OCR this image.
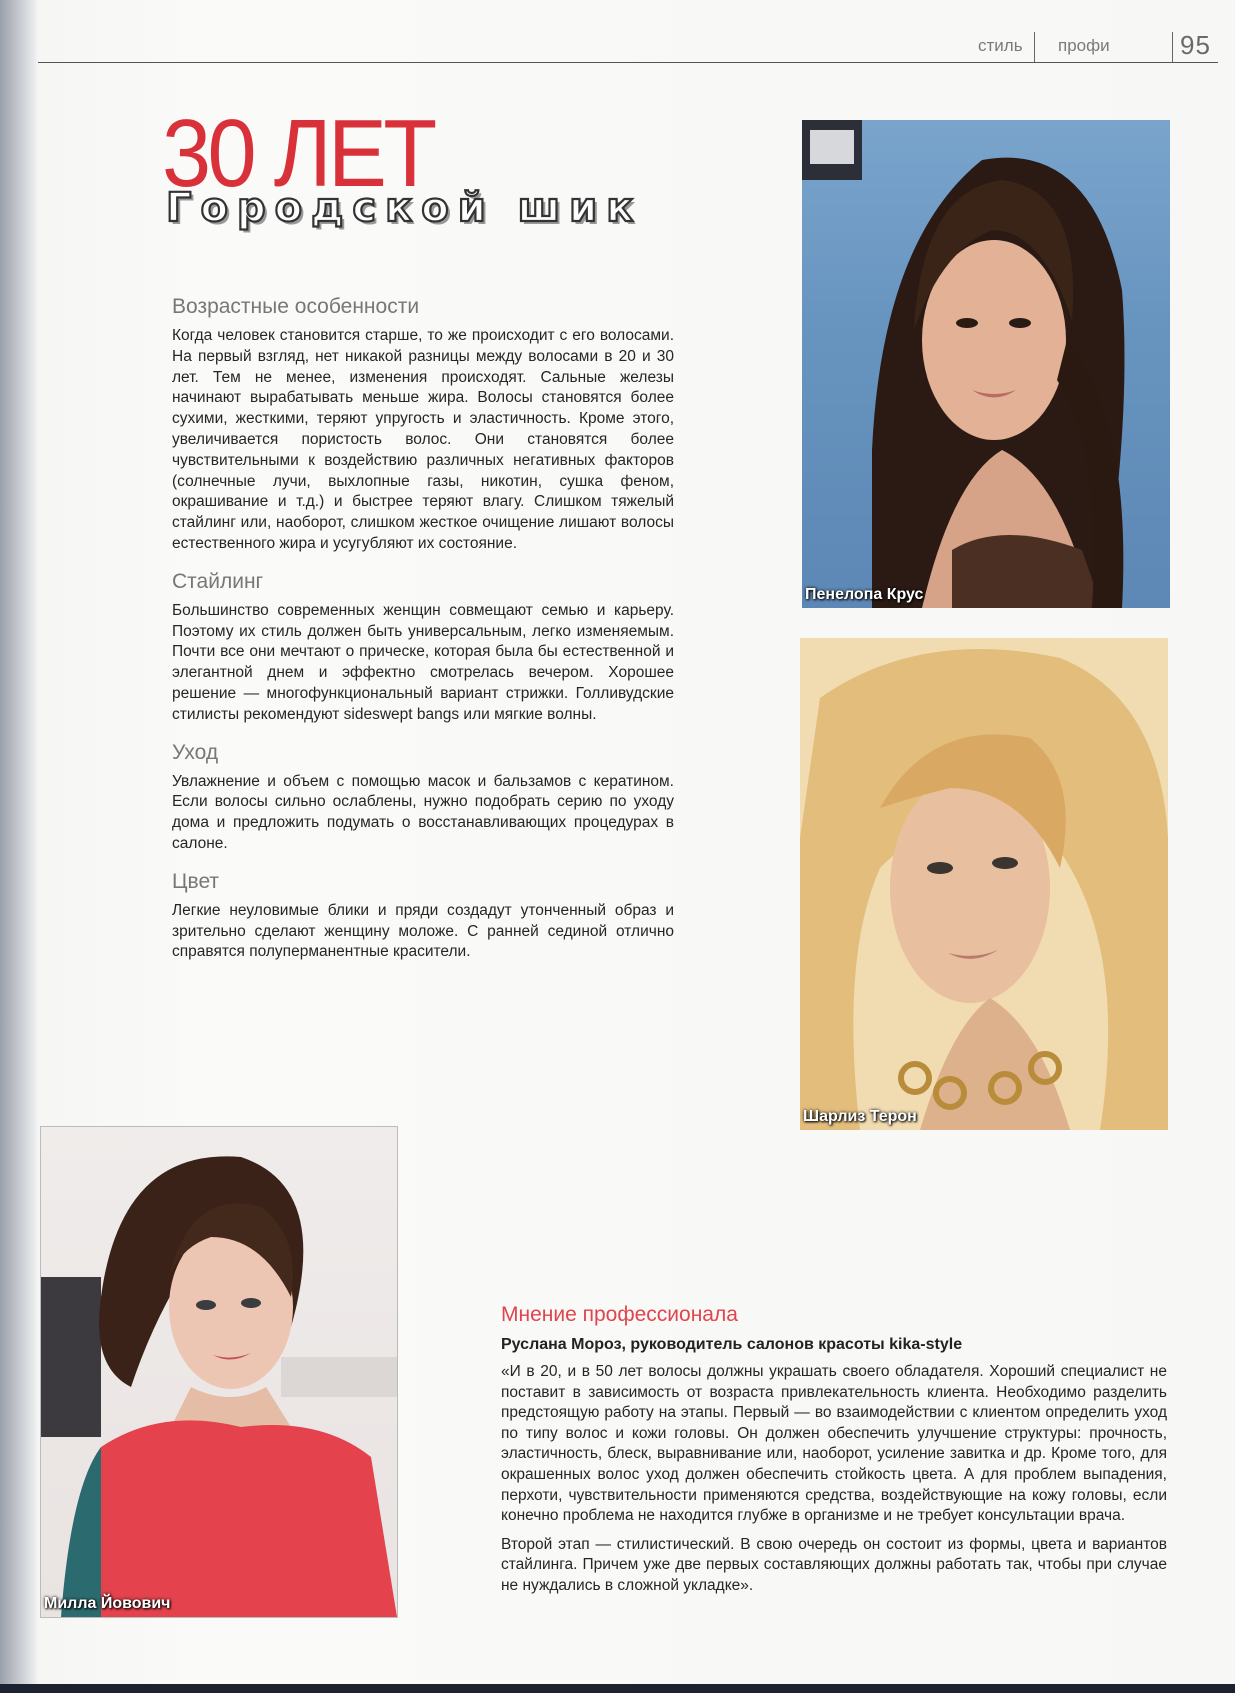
стиль профи	95
30 ЛЕТ
Городской шик
Возрастные особенности

Когда человек становится старше, то же происходит с его волосами. На первый взгляд, нет никакой разницы между волосами в 20 и 30 лет. Тем не менее, изменения происходят. Сальные железы начинают вырабатывать меньше жира. Волосы становятся более сухими, жесткими, теряют упругость и эластичность. Кроме этого, увеличивается пористость волос. Они становятся более чувствительными к воздействию различных негативных факторов (солнечные лучи, выхлопные газы, никотин, сушка феном, окрашивание и т.д.) и быстрее теряют влагу. Слишком тяжелый стайлинг или, наоборот, слишком жесткое очищение лишают волосы естественного жира и усугубляют их состояние.

Стайлинг

Большинство современных женщин совмещают семью и карьеру. Поэтому их стиль должен быть универсальным, легко изменяемым. Почти все они мечтают о прическе, которая была бы естественной и элегантной днем и эффектно смотрелась вечером. Хорошее решение — многофункциональный вариант стрижки. Голливудские стилисты рекомендуют sideswept bangs или мягкие волны.

Уход

Увлажнение и объем с помощью масок и бальзамов с кератином. Если волосы сильно ослаблены, нужно подобрать серию по уходу дома и предложить подумать о восстанавливающих процедурах в салоне.

Цвет

Легкие неуловимые блики и пряди создадут утонченный образ и зрительно сделают женщину моложе. С ранней сединой отлично справятся полуперманентные красители.

Пенелопа Крус
Шарлиз Терон
Милла Йовович
Мнение профессионала
Руслана Мороз, руководитель салонов красоты kika-style

«И в 20, и в 50 лет волосы должны украшать своего обладателя. Хороший специалист не поставит в зависимость от возраста привлекательность клиента. Необходимо разделить предстоящую работу на этапы. Первый — во взаимодействии с клиентом определить уход по типу волос и кожи головы. Он должен обеспечить улучшение структуры: прочность, эластичность, блеск, выравнивание или, наоборот, усиление завитка и др. Кроме того, для окрашенных волос уход должен обеспечить стойкость цвета. А для проблем выпадения, перхоти, чувствительности применяются средства, воздействующие на кожу головы, если конечно проблема не находится глубже в организме и не требует консультации врача.

Второй этап — стилистический. В свою очередь он состоит из формы, цвета и вариантов стайлинга. Причем уже две первых составляющих должны работать так, чтобы при случае не нуждались в сложной укладке».
